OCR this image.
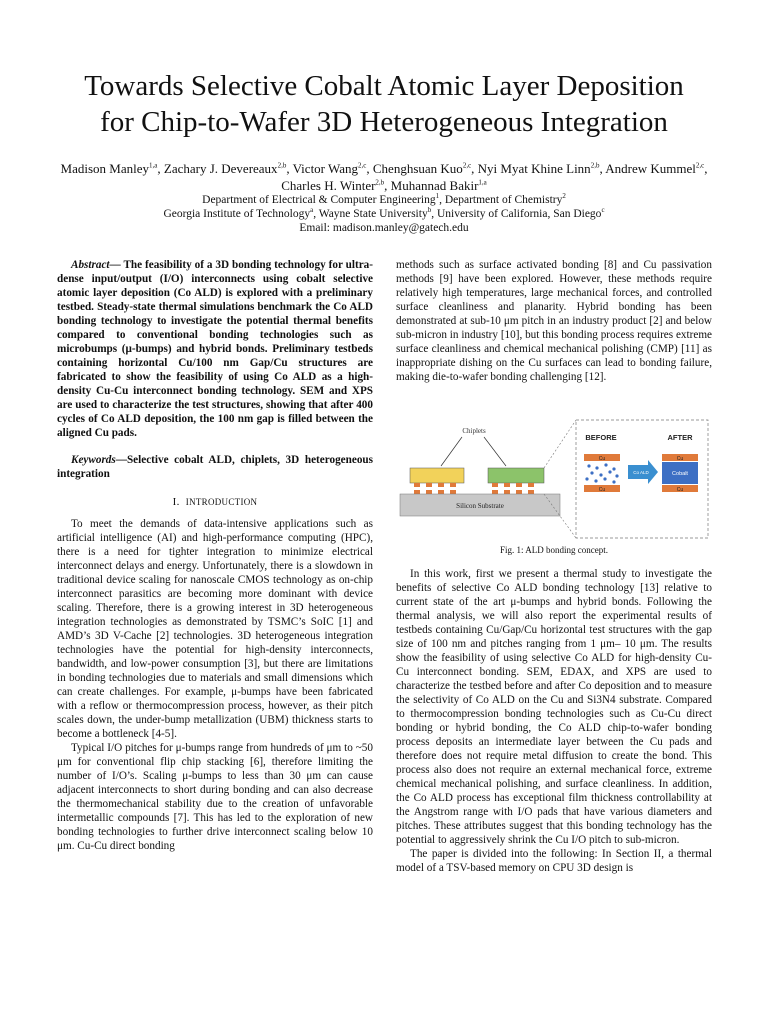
Towards Selective Cobalt Atomic Layer Deposition
for Chip-to-Wafer 3D Heterogeneous Integration
Madison Manley$^{1,a}$, Zachary J. Devereaux$^{2,b}$, Victor Wang$^{2,c}$, Chenghsuan Kuo$^{2,c}$, Nyi Myat Khine Linn$^{2,b}$, Andrew Kummel$^{2,c}$, Charles H. Winter$^{2,b}$, Muhannad Bakir$^{1,a}$
Department of Electrical & Computer Engineering$^1$, Department of Chemistry$^2$
Georgia Institute of Technology$^a$, Wayne State University$^b$, University of California, San Diego$^c$
Email: madison.manley@gatech.edu

Abstract— The feasibility of a 3D bonding technology for ultra-dense input/output (I/O) interconnects using cobalt selective atomic layer deposition (Co ALD) is explored with a preliminary testbed. Steady-state thermal simulations benchmark the Co ALD bonding technology to investigate the potential thermal benefits compared to conventional bonding technologies such as microbumps (μ-bumps) and hybrid bonds. Preliminary testbeds containing horizontal Cu/100 nm Gap/Cu structures are fabricated to show the feasibility of using Co ALD as a high-density Cu-Cu interconnect bonding technology. SEM and XPS are used to characterize the test structures, showing that after 400 cycles of Co ALD deposition, the 100 nm gap is filled between the aligned Cu pads.

Keywords—Selective cobalt ALD, chiplets, 3D heterogeneous integration

I. INTRODUCTION

To meet the demands of data-intensive applications such as artificial intelligence (AI) and high-performance computing (HPC), there is a need for tighter integration to minimize electrical interconnect delays and energy. Unfortunately, there is a slowdown in traditional device scaling for nanoscale CMOS technology as on-chip interconnect parasitics are becoming more dominant with device scaling. Therefore, there is a growing interest in 3D heterogeneous integration technologies as demonstrated by TSMC’s SoIC [1] and AMD’s 3D V-Cache [2] technologies. 3D heterogeneous integration technologies have the potential for high-density interconnects, bandwidth, and low-power consumption [3], but there are limitations in bonding technologies due to materials and small dimensions which can create challenges. For example, μ-bumps have been fabricated with a reflow or thermocompression process, however, as their pitch scales down, the under-bump metallization (UBM) thickness starts to become a bottleneck [4-5].

Typical I/O pitches for μ-bumps range from hundreds of μm to ~50 μm for conventional flip chip stacking [6], therefore limiting the number of I/O’s. Scaling μ-bumps to less than 30 μm can cause adjacent interconnects to short during bonding and can also decrease the thermomechanical stability due to the creation of unfavorable intermetallic compounds [7]. This has led to the exploration of new bonding technologies to further drive interconnect scaling below 10 μm. Cu-Cu direct bonding

methods such as surface activated bonding [8] and Cu passivation methods [9] have been explored. However, these methods require relatively high temperatures, large mechanical forces, and controlled surface cleanliness and planarity. Hybrid bonding has been demonstrated at sub-10 μm pitch in an industry product [2] and below sub-micron in industry [10], but this bonding process requires extreme surface cleanliness and chemical mechanical polishing (CMP) [11] as inappropriate dishing on the Cu surfaces can lead to bonding failure, making die-to-wafer bonding challenging [12].

Chiplets
Silicon Substrate
BEFORE	AFTER
Cu
Cu
Co ALD
Cu
Cobalt
Cu

Fig. 1: ALD bonding concept.

In this work, first we present a thermal study to investigate the benefits of selective Co ALD bonding technology [13] relative to current state of the art μ-bumps and hybrid bonds. Following the thermal analysis, we will also report the experimental results of testbeds containing Cu/Gap/Cu horizontal test structures with the gap size of 100 nm and pitches ranging from 1 μm– 10 μm. The results show the feasibility of using selective Co ALD for high-density Cu-Cu interconnect bonding. SEM, EDAX, and XPS are used to characterize the testbed before and after Co deposition and to measure the selectivity of Co ALD on the Cu and Si3N4 substrate. Compared to thermocompression bonding technologies such as Cu-Cu direct bonding or hybrid bonding, the Co ALD chip-to-wafer bonding process deposits an intermediate layer between the Cu pads and therefore does not require metal diffusion to create the bond. This process also does not require an external mechanical force, extreme chemical mechanical polishing, and surface cleanliness. In addition, the Co ALD process has exceptional film thickness controllability at the Angstrom range with I/O pads that have various diameters and pitches. These attributes suggest that this bonding technology has the potential to aggressively shrink the Cu I/O pitch to sub-micron.

The paper is divided into the following: In Section II, a thermal model of a TSV-based memory on CPU 3D design is
